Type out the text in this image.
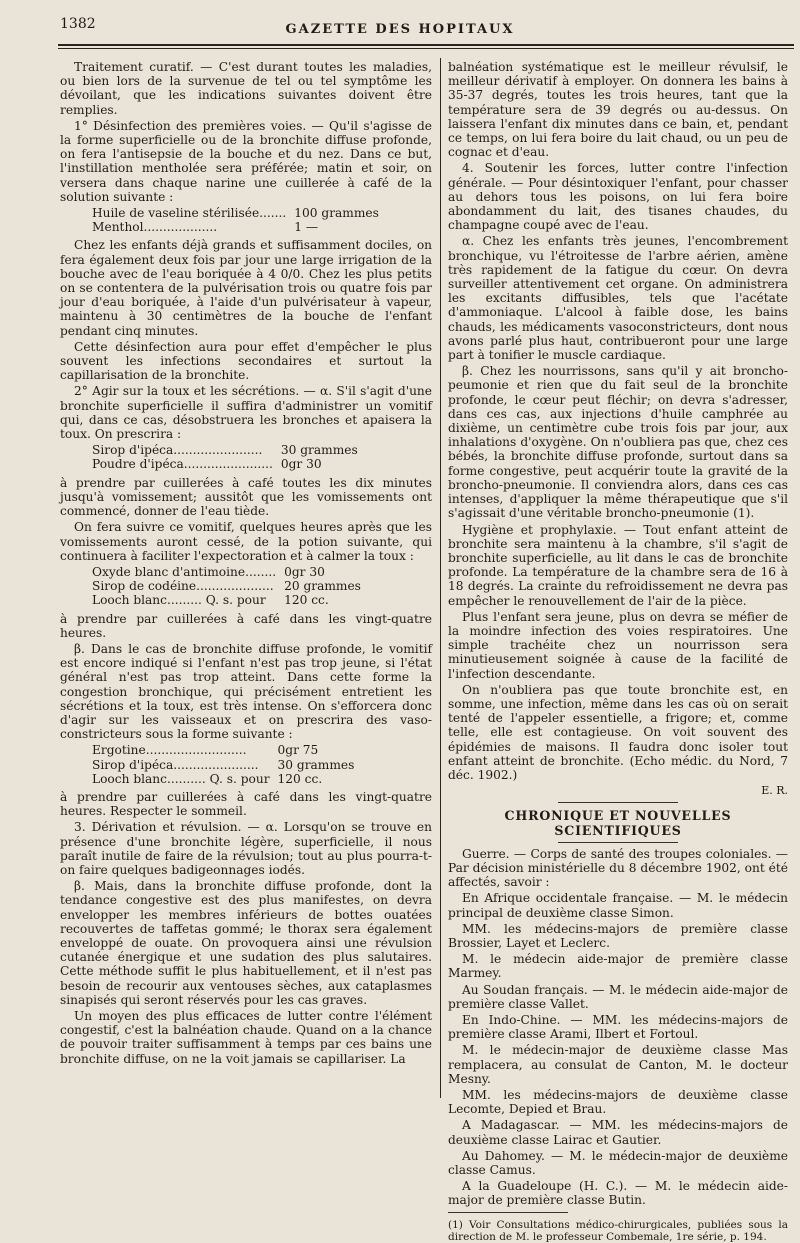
1382	GAZETTE DES HOPITAUX

Traitement curatif. — C'est durant toutes les maladies, ou bien lors de la survenue de tel ou tel symptôme les dévoilant, que les indications suivantes doivent être remplies.

1° Désinfection des premières voies. — Qu'il s'agisse de la forme superficielle ou de la bronchite diffuse profonde, on fera l'antisepsie de la bouche et du nez. Dans ce but, l'instillation mentholée sera préférée; matin et soir, on versera dans chaque narine une cuillerée à café de la solution suivante :

Huile de vaseline stérilisée.......	100 grammes
Menthol...................	1 —

Chez les enfants déjà grands et suffisamment dociles, on fera également deux fois par jour une large irrigation de la bouche avec de l'eau boriquée à 4 0/0. Chez les plus petits on se contentera de la pulvérisation trois ou quatre fois par jour d'eau boriquée, à l'aide d'un pulvérisateur à vapeur, maintenu à 30 centimètres de la bouche de l'enfant pendant cinq minutes.

Cette désinfection aura pour effet d'empêcher le plus souvent les infections secondaires et surtout la capillarisation de la bronchite.

2° Agir sur la toux et les sécrétions. — α. S'il s'agit d'une bronchite superficielle il suffira d'administrer un vomitif qui, dans ce cas, désobstruera les bronches et apaisera la toux. On prescrira :

Sirop d'ipéca.......................	30 grammes
Poudre d'ipéca.......................	0gr 30

à prendre par cuillerées à café toutes les dix minutes jusqu'à vomissement; aussitôt que les vomissements ont commencé, donner de l'eau tiède.

On fera suivre ce vomitif, quelques heures après que les vomissements auront cessé, de la potion suivante, qui continuera à faciliter l'expectoration et à calmer la toux :

Oxyde blanc d'antimoine........	0gr 30
Sirop de codéine....................	20 grammes
Looch blanc......... Q. s. pour	120 cc.

à prendre par cuillerées à café dans les vingt-quatre heures.

β. Dans le cas de bronchite diffuse profonde, le vomitif est encore indiqué si l'enfant n'est pas trop jeune, si l'état général n'est pas trop atteint. Dans cette forme la congestion bronchique, qui précisément entretient les sécrétions et la toux, est très intense. On s'efforcera donc d'agir sur les vaisseaux et on prescrira des vaso-constricteurs sous la forme suivante :

Ergotine..........................	0gr 75
Sirop d'ipéca......................	30 grammes
Looch blanc.......... Q. s. pour	120 cc.

à prendre par cuillerées à café dans les vingt-quatre heures. Respecter le sommeil.

3. Dérivation et révulsion. — α. Lorsqu'on se trouve en présence d'une bronchite légère, superficielle, il nous paraît inutile de faire de la révulsion; tout au plus pourra-t-on faire quelques badigeonnages iodés.

β. Mais, dans la bronchite diffuse profonde, dont la tendance congestive est des plus manifestes, on devra envelopper les membres inférieurs de bottes ouatées recouvertes de taffetas gommé; le thorax sera également enveloppé de ouate. On provoquera ainsi une révulsion cutanée énergique et une sudation des plus salutaires. Cette méthode suffit le plus habituellement, et il n'est pas besoin de recourir aux ventouses sèches, aux cataplasmes sinapisés qui seront réservés pour les cas graves.

Un moyen des plus efficaces de lutter contre l'élément congestif, c'est la balnéation chaude. Quand on a la chance de pouvoir traiter suffisamment à temps par ces bains une bronchite diffuse, on ne la voit jamais se capillariser. La

balnéation systématique est le meilleur révulsif, le meilleur dérivatif à employer. On donnera les bains à 35-37 degrés, toutes les trois heures, tant que la température sera de 39 degrés ou au-dessus. On laissera l'enfant dix minutes dans ce bain, et, pendant ce temps, on lui fera boire du lait chaud, ou un peu de cognac et d'eau.

4. Soutenir les forces, lutter contre l'infection générale. — Pour désintoxiquer l'enfant, pour chasser au dehors tous les poisons, on lui fera boire abondamment du lait, des tisanes chaudes, du champagne coupé avec de l'eau.

α. Chez les enfants très jeunes, l'encombrement bronchique, vu l'étroitesse de l'arbre aérien, amène très rapidement de la fatigue du cœur. On devra surveiller attentivement cet organe. On administrera les excitants diffusibles, tels que l'acétate d'ammoniaque. L'alcool à faible dose, les bains chauds, les médicaments vasoconstricteurs, dont nous avons parlé plus haut, contribueront pour une large part à tonifier le muscle cardiaque.

β. Chez les nourrissons, sans qu'il y ait broncho-peumonie et rien que du fait seul de la bronchite profonde, le cœur peut fléchir; on devra s'adresser, dans ces cas, aux injections d'huile camphrée au dixième, un centimètre cube trois fois par jour, aux inhalations d'oxygène. On n'oubliera pas que, chez ces bébés, la bronchite diffuse profonde, surtout dans sa forme congestive, peut acquérir toute la gravité de la broncho-pneumonie. Il conviendra alors, dans ces cas intenses, d'appliquer la même thérapeutique que s'il s'agissait d'une véritable broncho-pneumonie (1).

Hygiène et prophylaxie. — Tout enfant atteint de bronchite sera maintenu à la chambre, s'il s'agit de bronchite superficielle, au lit dans le cas de bronchite profonde. La température de la chambre sera de 16 à 18 degrés. La crainte du refroidissement ne devra pas empêcher le renouvellement de l'air de la pièce.

Plus l'enfant sera jeune, plus on devra se méfier de la moindre infection des voies respiratoires. Une simple trachéite chez un nourrisson sera minutieusement soignée à cause de la facilité de l'infection descendante.

On n'oubliera pas que toute bronchite est, en somme, une infection, même dans les cas où on serait tenté de l'appeler essentielle, a frigore; et, comme telle, elle est contagieuse. On voit souvent des épidémies de maisons. Il faudra donc isoler tout enfant atteint de bronchite. (Echo médic. du Nord, 7 déc. 1902.)

E. R.
CHRONIQUE ET NOUVELLES SCIENTIFIQUES

Guerre. — Corps de santé des troupes coloniales. — Par décision ministérielle du 8 décembre 1902, ont été affectés, savoir :

En Afrique occidentale française. — M. le médecin principal de deuxième classe Simon.

MM. les médecins-majors de première classe Brossier, Layet et Leclerc.

M. le médecin aide-major de première classe Marmey.

Au Soudan français. — M. le médecin aide-major de première classe Vallet.

En Indo-Chine. — MM. les médecins-majors de première classe Arami, Ilbert et Fortoul.

M. le médecin-major de deuxième classe Mas remplacera, au consulat de Canton, M. le docteur Mesny.

MM. les médecins-majors de deuxième classe Lecomte, Depied et Brau.

A Madagascar. — MM. les médecins-majors de deuxième classe Lairac et Gautier.

Au Dahomey. — M. le médecin-major de deuxième classe Camus.

A la Guadeloupe (H. C.). — M. le médecin aide-major de première classe Butin.

(1) Voir Consultations médico-chirurgicales, publiées sous la direction de M. le professeur Combemale, 1re série, p. 194.
